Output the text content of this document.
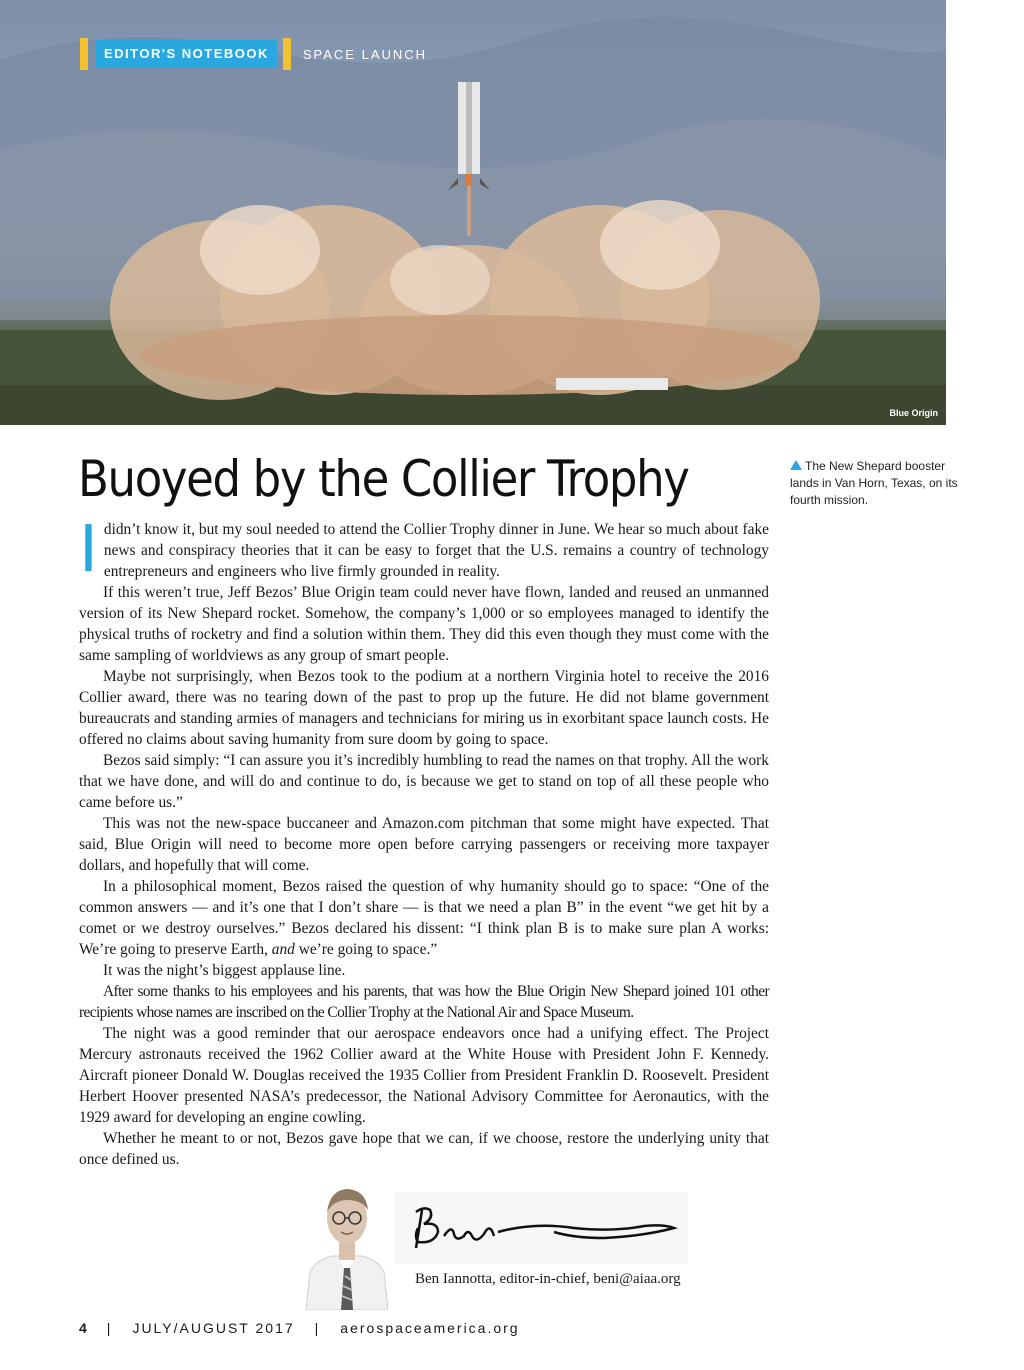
EDITOR'S NOTEBOOK	SPACE LAUNCH
Blue Origin
Buoyed by the Collier Trophy	The New Shepard booster lands in Van Horn, Texas, on its fourth mission.

I didn’t know it, but my soul needed to attend the Collier Trophy dinner in June. We hear so much about fake news and conspiracy theories that it can be easy to forget that the U.S. remains a country of technology entrepreneurs and engineers who live firmly grounded in reality.

If this weren’t true, Jeff Bezos’ Blue Origin team could never have flown, landed and reused an unmanned version of its New Shepard rocket. Somehow, the company’s 1,000 or so employees managed to identify the physical truths of rocketry and find a solution within them. They did this even though they must come with the same sampling of worldviews as any group of smart people.

Maybe not surprisingly, when Bezos took to the podium at a northern Virginia hotel to receive the 2016 Collier award, there was no tearing down of the past to prop up the future. He did not blame government bureaucrats and standing armies of managers and technicians for miring us in exorbitant space launch costs. He offered no claims about saving humanity from sure doom by going to space.

Bezos said simply: “I can assure you it’s incredibly humbling to read the names on that trophy. All the work that we have done, and will do and continue to do, is because we get to stand on top of all these people who came before us.”

This was not the new-space buccaneer and Amazon.com pitchman that some might have expected. That said, Blue Origin will need to become more open before carrying passengers or receiving more taxpayer dollars, and hopefully that will come.

In a philosophical moment, Bezos raised the question of why humanity should go to space: “One of the common answers — and it’s one that I don’t share — is that we need a plan B” in the event “we get hit by a comet or we destroy ourselves.” Bezos declared his dissent: “I think plan B is to make sure plan A works: We’re going to preserve Earth, and we’re going to space.”

It was the night’s biggest applause line.

After some thanks to his employees and his parents, that was how the Blue Origin New Shepard joined 101 other recipients whose names are inscribed on the Collier Trophy at the National Air and Space Museum.

The night was a good reminder that our aerospace endeavors once had a unifying effect. The Project Mercury astronauts received the 1962 Collier award at the White House with President John F. Kennedy. Aircraft pioneer Donald W. Douglas received the 1935 Collier from President Franklin D. Roosevelt. President Herbert Hoover presented NASA’s predecessor, the National Advisory Committee for Aeronautics, with the 1929 award for developing an engine cowling.

Whether he meant to or not, Bezos gave hope that we can, if we choose, restore the underlying unity that once defined us.

Ben Iannotta, editor-in-chief, beni@aiaa.org
4 | JULY/AUGUST 2017 | aerospaceamerica.org
